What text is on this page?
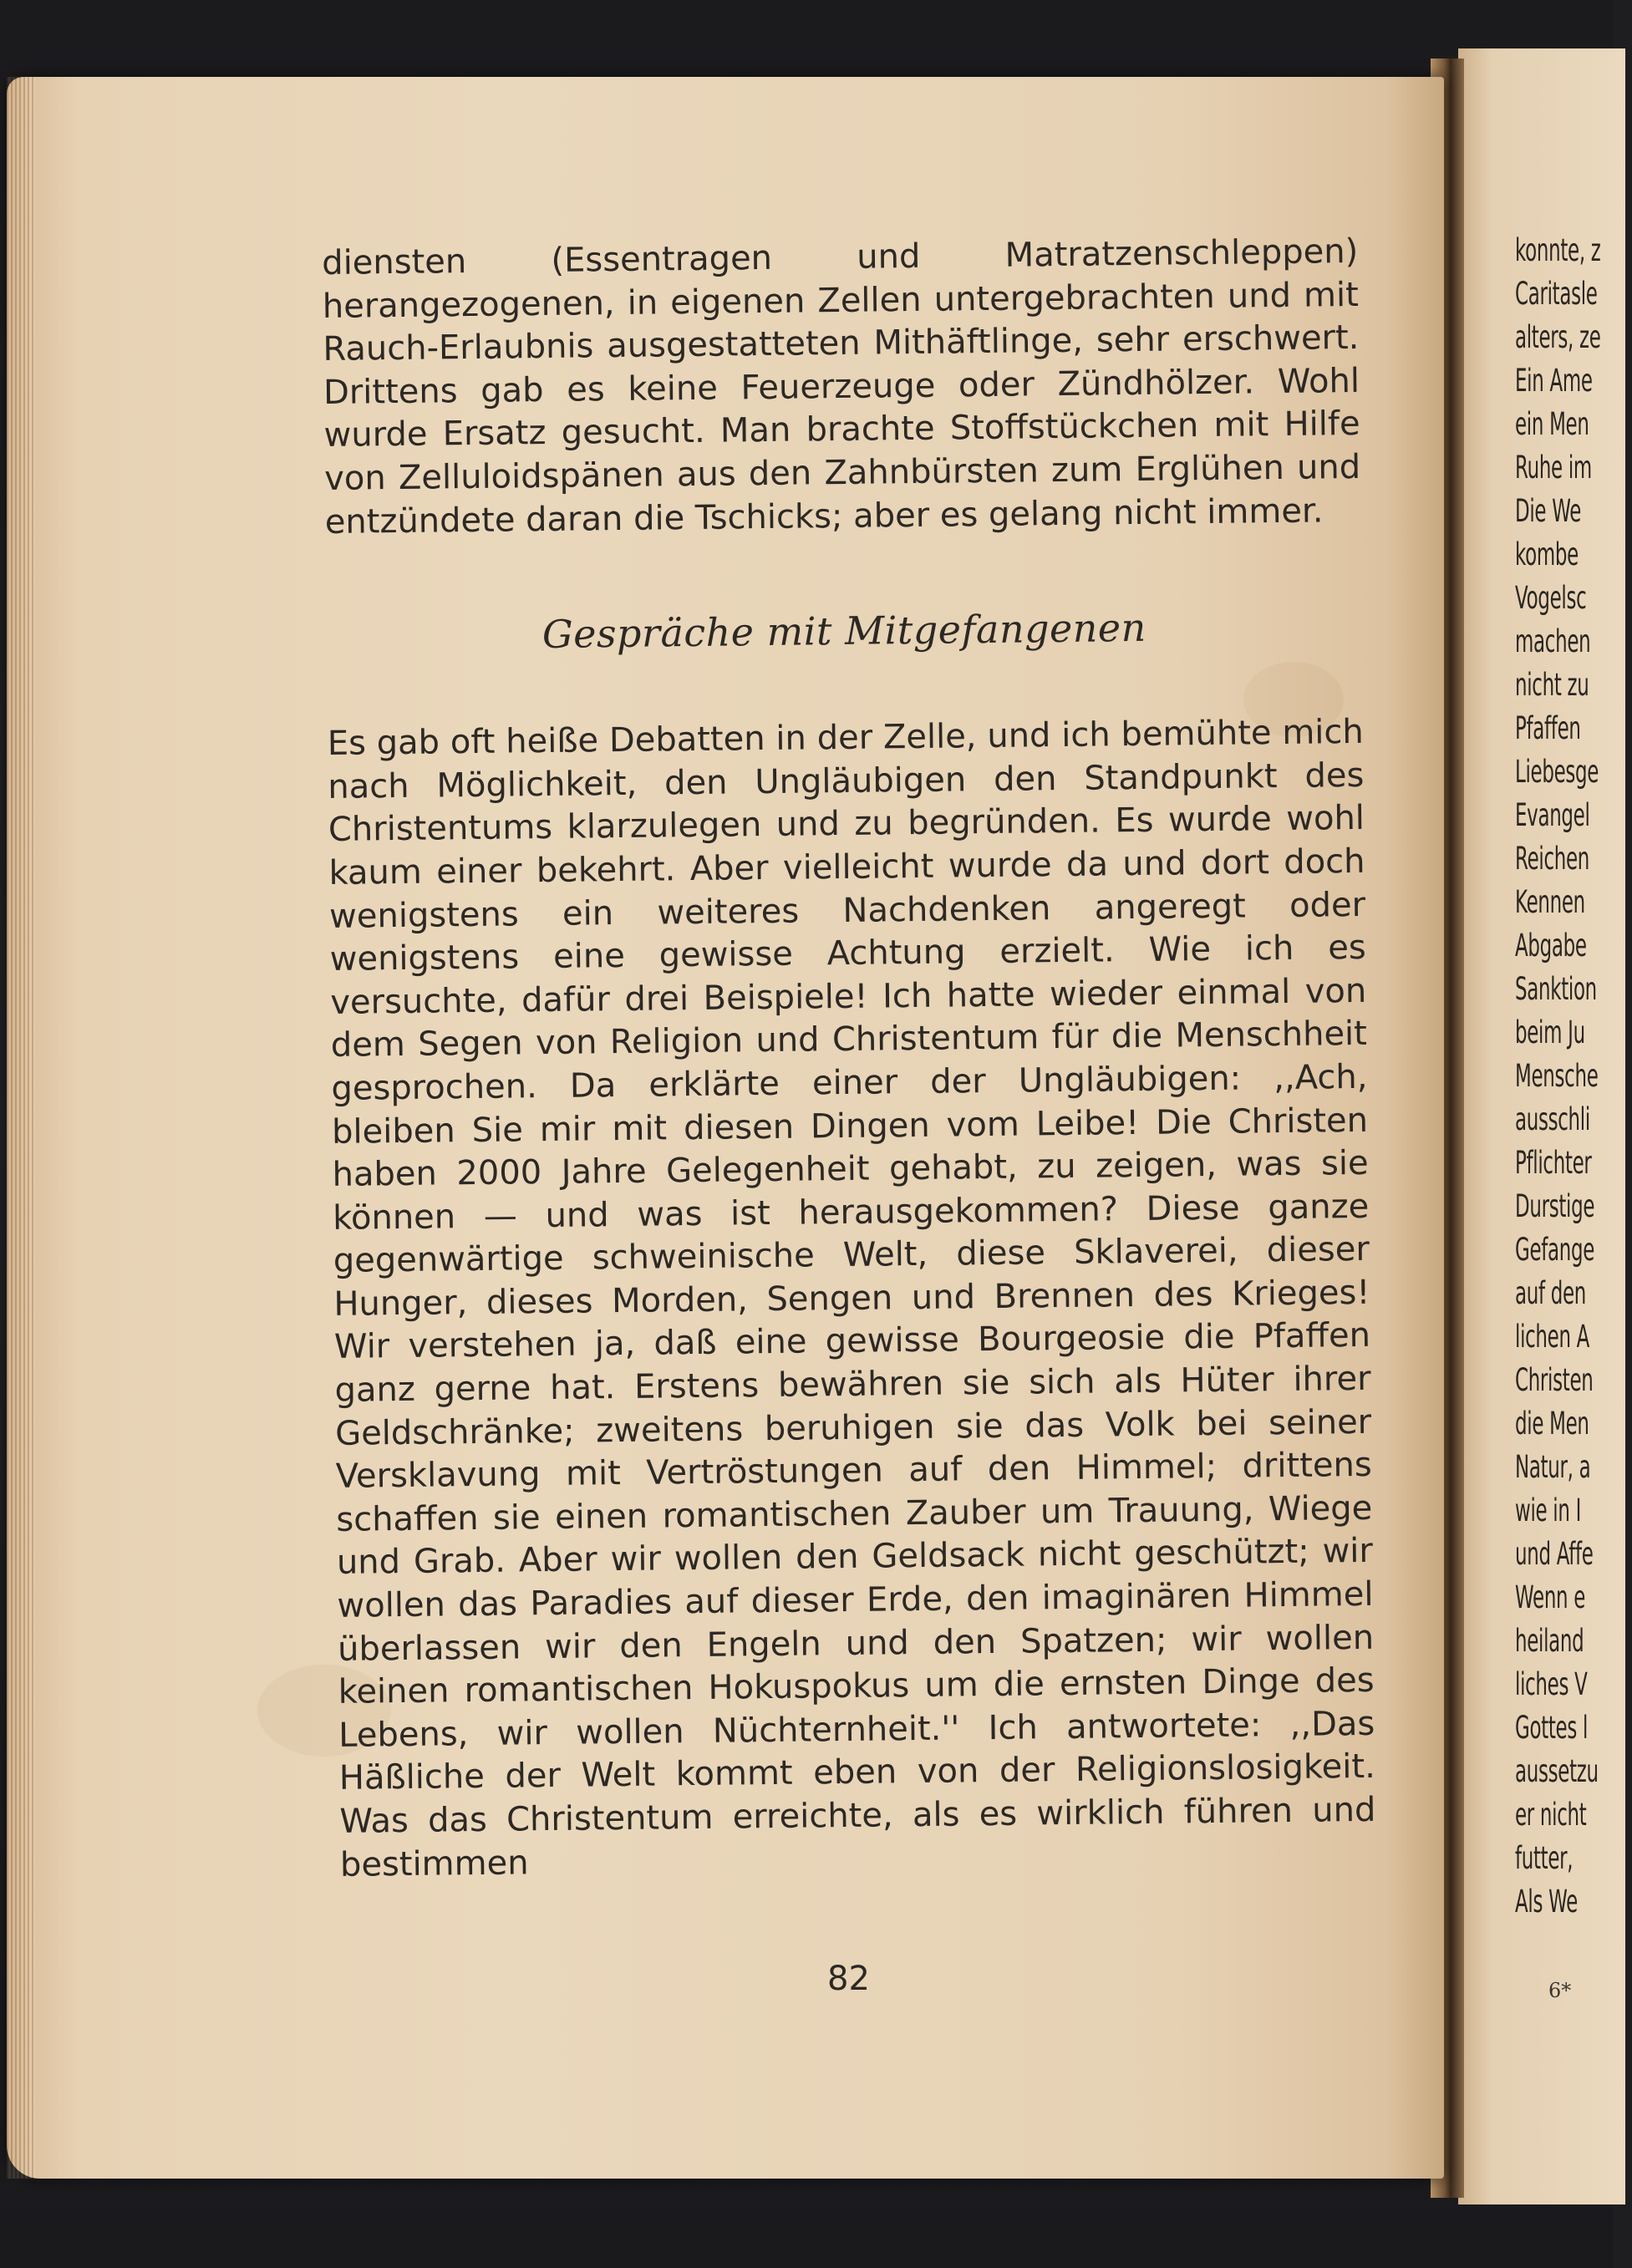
konnte, z
Caritasle
alters, ze
Ein Ame
ein Men
Ruhe im
Die We
kombe
Vogelsc
machen
nicht zu
Pfaffen
Liebesge
Evangel
Reichen
Kennen
Abgabe
Sanktion
beim Ju
Mensche
ausschli
Pflichter
Durstige
Gefange
auf den
lichen A
Christen
die Men
Natur, a
wie in I
und Affe
Wenn e
heiland
liches V
Gottes l
aussetzu
er nicht
futter,
Als We
6*

diensten (Essentragen und Matratzenschleppen) herangezogenen, in eigenen Zellen untergebrachten und mit Rauch-Erlaubnis ausgestatteten Mithäftlinge, sehr erschwert. Drittens gab es keine Feuerzeuge oder Zündhölzer. Wohl wurde Ersatz gesucht. Man brachte Stoffstückchen mit Hilfe von Zelluloidspänen aus den Zahnbürsten zum Erglühen und entzündete daran die Tschicks; aber es gelang nicht immer.

Gespräche mit Mitgefangenen

Es gab oft heiße Debatten in der Zelle, und ich bemühte mich nach Möglichkeit, den Ungläubigen den Standpunkt des Christentums klarzulegen und zu begründen. Es wurde wohl kaum einer bekehrt. Aber vielleicht wurde da und dort doch wenigstens ein weiteres Nachdenken angeregt oder wenigstens eine gewisse Achtung erzielt. Wie ich es versuchte, dafür drei Beispiele! Ich hatte wieder einmal von dem Segen von Religion und Christentum für die Menschheit gesprochen. Da erklärte einer der Ungläubigen: ,,Ach, bleiben Sie mir mit diesen Dingen vom Leibe! Die Christen haben 2000 Jahre Gelegenheit gehabt, zu zeigen, was sie können — und was ist herausgekommen? Diese ganze gegenwärtige schweinische Welt, diese Sklaverei, dieser Hunger, dieses Morden, Sengen und Brennen des Krieges! Wir verstehen ja, daß eine gewisse Bourgeosie die Pfaffen ganz gerne hat. Erstens bewähren sie sich als Hüter ihrer Geldschränke; zweitens beruhigen sie das Volk bei seiner Versklavung mit Vertröstungen auf den Himmel; drittens schaffen sie einen romantischen Zauber um Trauung, Wiege und Grab. Aber wir wollen den Geldsack nicht geschützt; wir wollen das Paradies auf dieser Erde, den imaginären Himmel überlassen wir den Engeln und den Spatzen; wir wollen keinen romantischen Hokuspokus um die ernsten Dinge des Lebens, wir wollen Nüchternheit.'' Ich antwortete: ,,Das Häßliche der Welt kommt eben von der Religionslosigkeit. Was das Christentum erreichte, als es wirklich führen und bestimmen

82
